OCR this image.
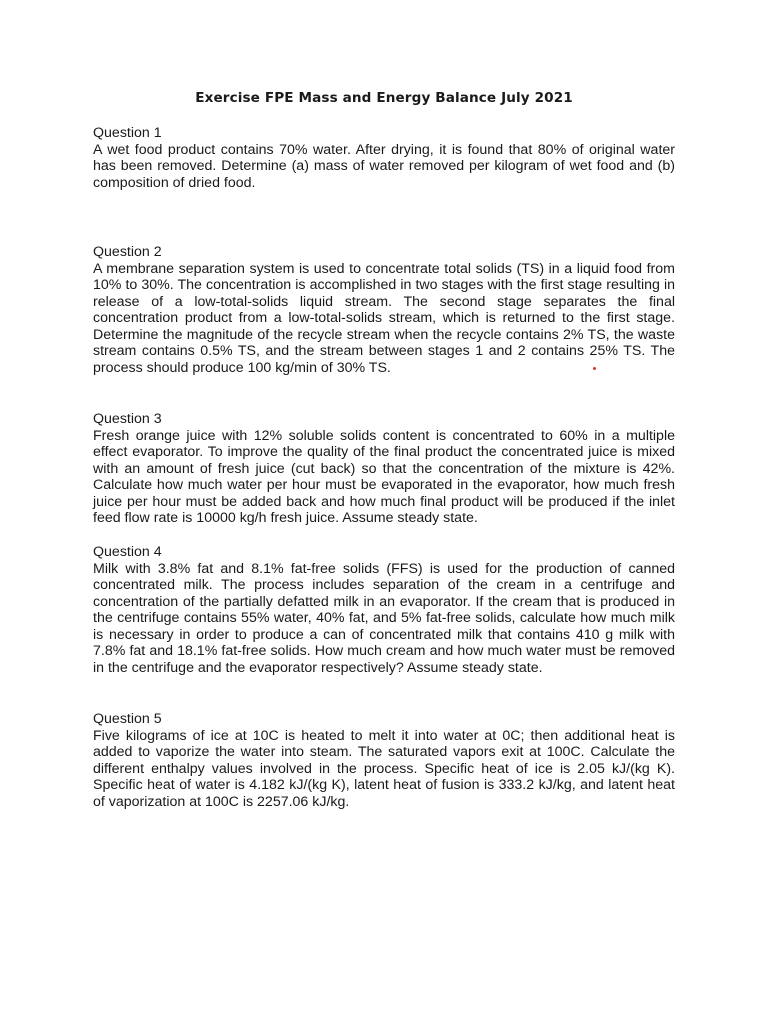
Exercise FPE Mass and Energy Balance July 2021

Question 1

A wet food product contains 70% water. After drying, it is found that 80% of original water has been removed. Determine (a) mass of water removed per kilogram of wet food and (b) composition of dried food.

Question 2

A membrane separation system is used to concentrate total solids (TS) in a liquid food from 10% to 30%. The concentration is accomplished in two stages with the first stage resulting in release of a low-total-solids liquid stream. The second stage separates the final concentration product from a low-total-solids stream, which is returned to the first stage. Determine the magnitude of the recycle stream when the recycle contains 2% TS, the waste stream contains 0.5% TS, and the stream between stages 1 and 2 contains 25% TS. The process should produce 100 kg/min of 30% TS.

Question 3

Fresh orange juice with 12% soluble solids content is concentrated to 60% in a multiple effect evaporator. To improve the quality of the final product the concentrated juice is mixed with an amount of fresh juice (cut back) so that the concentration of the mixture is 42%. Calculate how much water per hour must be evaporated in the evaporator, how much fresh juice per hour must be added back and how much final product will be produced if the inlet feed flow rate is 10000 kg/h fresh juice. Assume steady state.

Question 4

Milk with 3.8% fat and 8.1% fat-free solids (FFS) is used for the production of canned concentrated milk. The process includes separation of the cream in a centrifuge and concentration of the partially defatted milk in an evaporator. If the cream that is produced in the centrifuge contains 55% water, 40% fat, and 5% fat-free solids, calculate how much milk is necessary in order to produce a can of concentrated milk that contains 410 g milk with 7.8% fat and 18.1% fat-free solids. How much cream and how much water must be removed in the centrifuge and the evaporator respectively? Assume steady state.

Question 5

Five kilograms of ice at 10C is heated to melt it into water at 0C; then additional heat is added to vaporize the water into steam. The saturated vapors exit at 100C. Calculate the different enthalpy values involved in the process. Specific heat of ice is 2.05 kJ/(kg K). Specific heat of water is 4.182 kJ/(kg K), latent heat of fusion is 333.2 kJ/kg, and latent heat of vaporization at 100C is 2257.06 kJ/kg.
